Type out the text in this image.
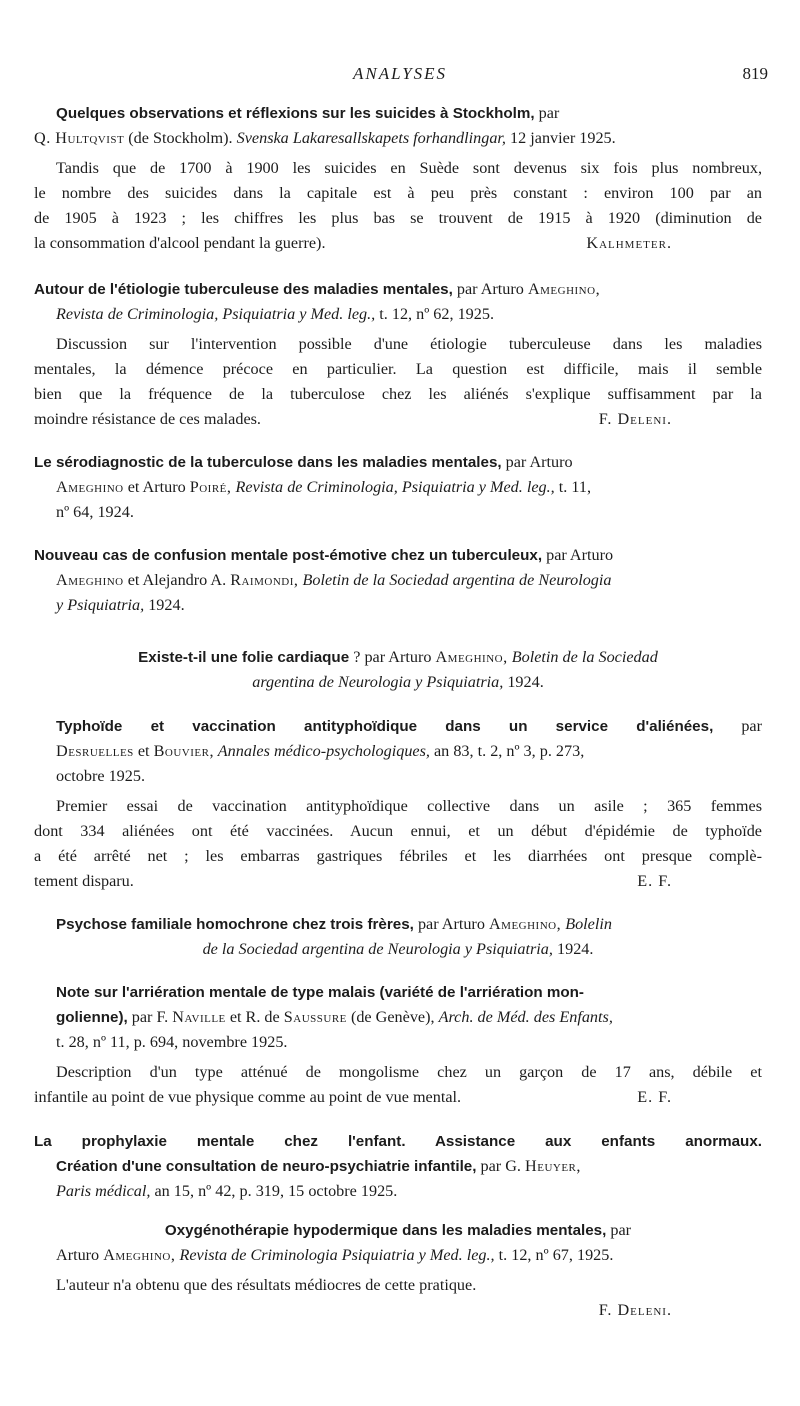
ANALYSES	819
Quelques observations et réflexions sur les suicides à Stockholm, par
Q. Hultqvist (de Stockholm). Svenska Lakaresallskapets forhandlingar, 12 janvier 1925.
Tandis que de 1700 à 1900 les suicides en Suède sont devenus six fois plus nombreux,
le nombre des suicides dans la capitale est à peu près constant : environ 100 par an
de 1905 à 1923 ; les chiffres les plus bas se trouvent de 1915 à 1920 (diminution de
la consommation d'alcool pendant la guerre).	Kalhmeter.
Autour de l'étiologie tuberculeuse des maladies mentales, par Arturo Ameghino,
Revista de Criminologia, Psiquiatria y Med. leg., t. 12, nº 62, 1925.
Discussion sur l'intervention possible d'une étiologie tuberculeuse dans les maladies
mentales, la démence précoce en particulier. La question est difficile, mais il semble
bien que la fréquence de la tuberculose chez les aliénés s'explique suffisamment par la
moindre résistance de ces malades.	F. Deleni.
Le sérodiagnostic de la tuberculose dans les maladies mentales, par Arturo
Ameghino et Arturo Poiré, Revista de Criminologia, Psiquiatria y Med. leg., t. 11,
nº 64, 1924.
Nouveau cas de confusion mentale post-émotive chez un tuberculeux, par Arturo
Ameghino et Alejandro A. Raimondi, Boletin de la Sociedad argentina de Neurologia
y Psiquiatria, 1924.
Existe-t-il une folie cardiaque ? par Arturo Ameghino, Boletin de la Sociedad
argentina de Neurologia y Psiquiatria, 1924.
Typhoïde et vaccination antityphoïdique dans un service d'aliénées, par
Desruelles et Bouvier, Annales médico-psychologiques, an 83, t. 2, nº 3, p. 273,
octobre 1925.
Premier essai de vaccination antityphoïdique collective dans un asile ; 365 femmes
dont 334 aliénées ont été vaccinées. Aucun ennui, et un début d'épidémie de typhoïde
a été arrêté net ; les embarras gastriques fébriles et les diarrhées ont presque complè-
tement disparu.	E. F.
Psychose familiale homochrone chez trois frères, par Arturo Ameghino, Bolelin
de la Sociedad argentina de Neurologia y Psiquiatria, 1924.
Note sur l'arriération mentale de type malais (variété de l'arriération mon-
golienne), par F. Naville et R. de Saussure (de Genève), Arch. de Méd. des Enfants,
t. 28, nº 11, p. 694, novembre 1925.
Description d'un type atténué de mongolisme chez un garçon de 17 ans, débile et
infantile au point de vue physique comme au point de vue mental.	E. F.
La prophylaxie mentale chez l'enfant. Assistance aux enfants anormaux.
Création d'une consultation de neuro-psychiatrie infantile, par G. Heuyer,
Paris médical, an 15, nº 42, p. 319, 15 octobre 1925.
Oxygénothérapie hypodermique dans les maladies mentales, par
Arturo Ameghino, Revista de Criminologia Psiquiatria y Med. leg., t. 12, nº 67, 1925.
L'auteur n'a obtenu que des résultats médiocres de cette pratique.
F. Deleni.
